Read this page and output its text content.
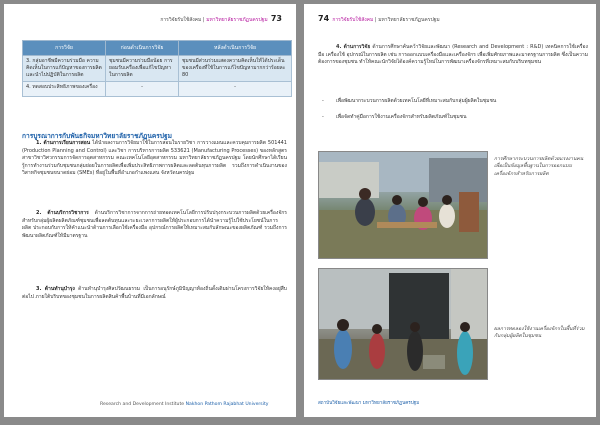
การวิจัยรับใช้สังคม | มหาวิทยาลัยราชภัฏนครปฐม 73
การวิจัย	ก่อนดำเนินการวิจัย	หลังดำเนินการวิจัย
3. กลุ่มอาชีพมีความร่วมมือ ความคิดเห็นในการแก้ปัญหาของการผลิตและนำไปปฏิบัติในการผลิต	ชุมชนมีความร่วมมือน้อย การยอมรับเครื่องเพื่อแก้ไขปัญหาในการผลิต	ชุมชนมีส่วนร่วมแสดงความคิดเห็นให้ได้ประเด็นของเครื่องที่ใช้ในการแก้ไขปัญหามากกว่าร้อยละ 80
4. ทดสอบประสิทธิภาพของเครื่อง	-	-
การบูรณาการกับพันธกิจมหาวิทยาลัยราชภัฏนครปฐม
1. ด้านการเรียนการสอน ได้นำผลงานการวิจัยมาใช้ในการสอนในรายวิชา การวางแผนและควบคุมการผลิต 501441 (Production Planning and Control) และวิชา การบริหารการผลิต 533621 (Manufacturing Processes) ของหลักสูตรสาขาวิชาวิศวกรรมการจัดการอุตสาหกรรม คณะเทคโนโลยีอุตสาหกรรม มหาวิทยาลัยราชภัฏนครปฐม โดยนักศึกษาได้เรียนรู้การทำงานร่วมกับชุมชนกลุ่มย่อยในการผลิตเพื่อเพิ่มประสิทธิภาพการผลิตและลดต้นทุนการผลิต รวมถึงการดำเนินงานของวิสาหกิจชุมชนขนาดย่อม (SMEs) ที่อยู่ในพื้นที่อำเภอกำแพงแสน จังหวัดนครปฐม
2. ด้านบริการวิชาการ ด้านบริการวิชาการจากการถ่ายทอดเทคโนโลยีการปรับปรุงกระบวนการผลิตด้วยเครื่องจักรสำหรับกลุ่มผู้ผลิตผลิตภัณฑ์ชุมชนเพื่อลดต้นทุนและระยะเวลาการผลิตให้ผู้ประกอบการได้นำความรู้ไปใช้ประโยชน์ในการผลิต ประกอบกับการให้คำแนะนำด้านการเลือกใช้เครื่องมือ อุปกรณ์การผลิตให้เหมาะสมกับลักษณะของผลิตภัณฑ์ รวมถึงการพัฒนาผลิตภัณฑ์ให้มีมาตรฐาน
3. ด้านทำนุบำรุง ด้านทำนุบำรุงศิลปวัฒนธรรม เป็นการอนุรักษ์ภูมิปัญญาท้องถิ่นดั้งเดิมผ่านโครงการวิจัยให้คงอยู่สืบต่อไป ภายใต้บริบทของชุมชนในการผลิตสินค้าพื้นบ้านที่มีเอกลักษณ์
Research and Development Institute Nakhon Pathom Rajabhat University
74 การวิจัยรับใช้สังคม | มหาวิทยาลัยราชภัฏนครปฐม
4. ด้านการวิจัย ด้านการศึกษาค้นคว้าวิจัยและพัฒนา (Research and Development : R&D) เทคนิคการใช้เครื่องมือ เครื่องใช้ อุปกรณ์ในการผลิต เช่น การออกแบบเครื่องมือและเครื่องจักร เพื่อเพิ่มศักยภาพและมาตรฐานการผลิต ซึ่งเป็นความต้องการของชุมชน ทำให้คณะนักวิจัยได้องค์ความรู้ใหม่ในการพัฒนาเครื่องจักรที่เหมาะสมกับบริบทชุมชน
- เพื่อพัฒนากระบวนการผลิตด้วยเทคโนโลยีที่เหมาะสมกับกลุ่มผู้ผลิตในชุมชน
- เพื่อจัดทำคู่มือการใช้งานเครื่องจักรสำหรับผลิตภัณฑ์ในชุมชน
การศึกษากระบวนการผลิตด้วยแรงงานคนเพื่อเป็นข้อมูลพื้นฐานในการออกแบบเครื่องจักรสำหรับการผลิต
ผลการทดลองใช้งานเครื่องจักรในพื้นที่ร่วมกับกลุ่มผู้ผลิตในชุมชน
สถาบันวิจัยและพัฒนา มหาวิทยาลัยราชภัฏนครปฐม
